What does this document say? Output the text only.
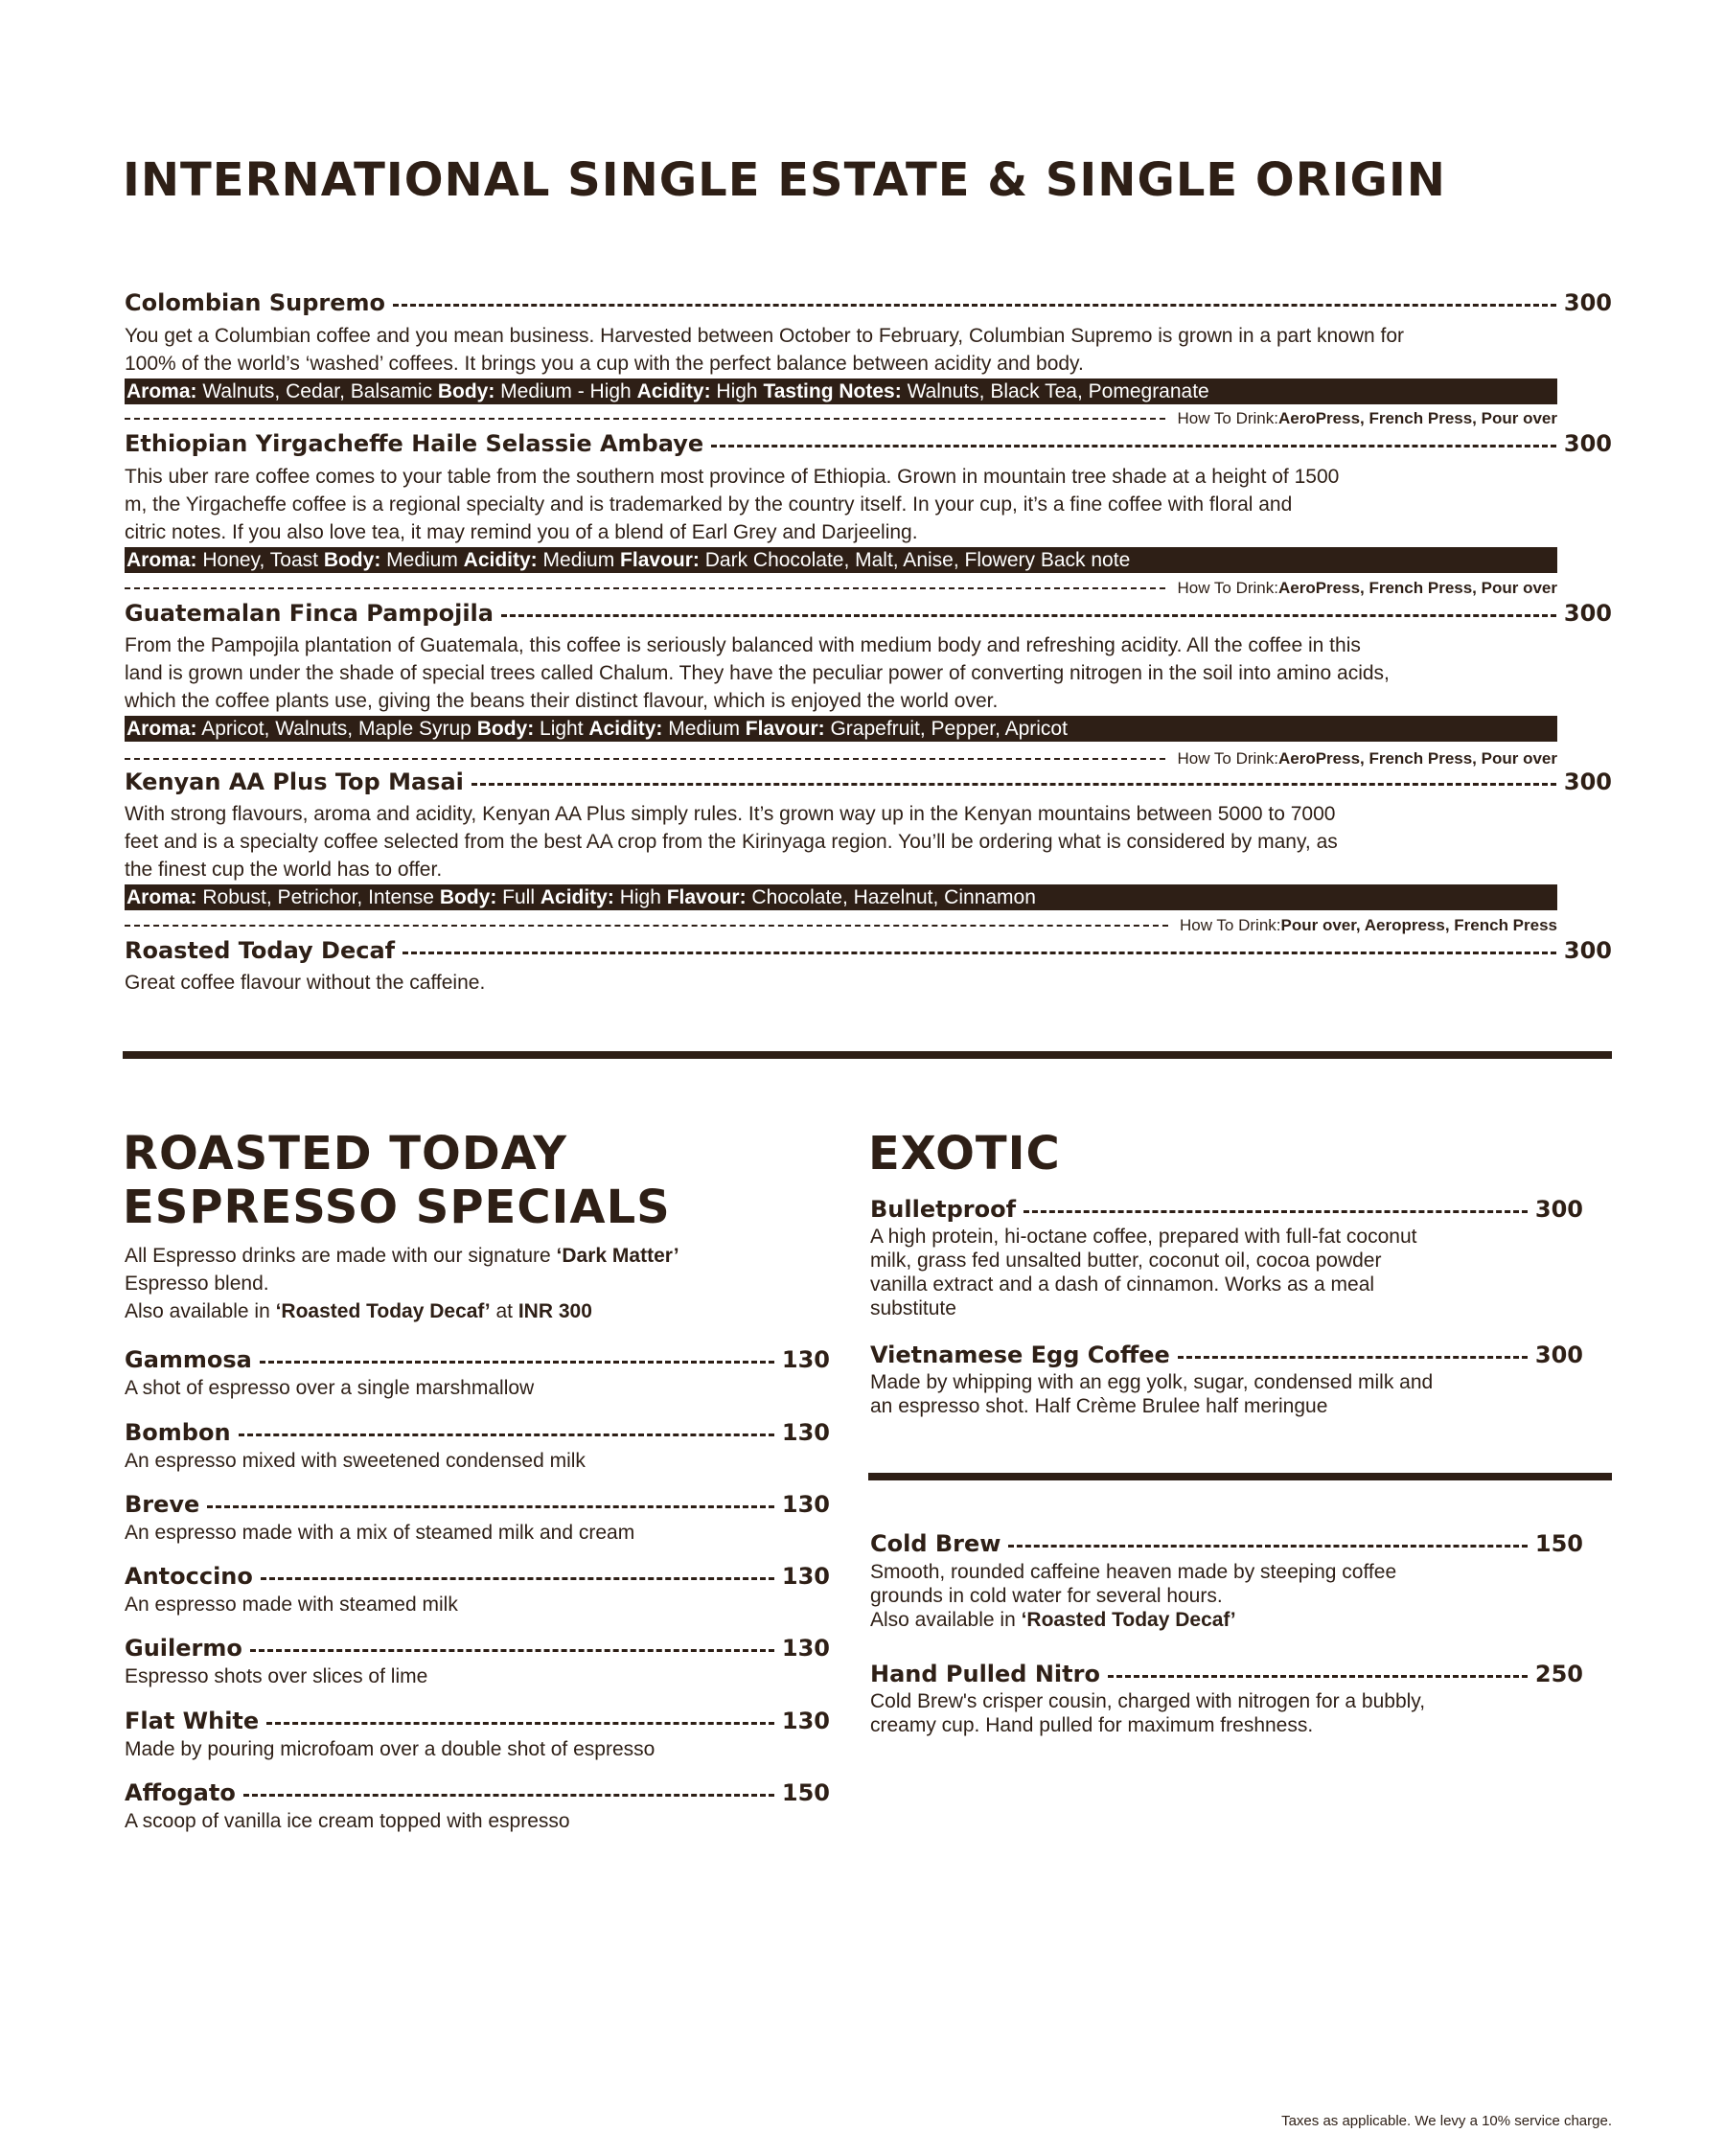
INTERNATIONAL SINGLE ESTATE & SINGLE ORIGIN
Colombian Supremo	300
You get a Columbian coffee and you mean business. Harvested between October to February, Columbian Supremo is grown in a part known for
100% of the world’s ‘washed’ coffees. It brings you a cup with the perfect balance between acidity and body.
Aroma: Walnuts, Cedar, Balsamic Body: Medium - High Acidity: High Tasting Notes: Walnuts, Black Tea, Pomegranate
How To Drink: AeroPress, French Press, Pour over
Ethiopian Yirgacheffe Haile Selassie Ambaye	300
This uber rare coffee comes to your table from the southern most province of Ethiopia. Grown in mountain tree shade at a height of 1500
m, the Yirgacheffe coffee is a regional specialty and is trademarked by the country itself. In your cup, it’s a fine coffee with floral and
citric notes. If you also love tea, it may remind you of a blend of Earl Grey and Darjeeling.
Aroma: Honey, Toast Body: Medium Acidity: Medium Flavour: Dark Chocolate, Malt, Anise, Flowery Back note
How To Drink: AeroPress, French Press, Pour over
Guatemalan Finca Pampojila	300
From the Pampojila plantation of Guatemala, this coffee is seriously balanced with medium body and refreshing acidity. All the coffee in this
land is grown under the shade of special trees called Chalum. They have the peculiar power of converting nitrogen in the soil into amino acids,
which the coffee plants use, giving the beans their distinct flavour, which is enjoyed the world over.
Aroma: Apricot, Walnuts, Maple Syrup Body: Light Acidity: Medium Flavour: Grapefruit, Pepper, Apricot
How To Drink: AeroPress, French Press, Pour over
Kenyan AA Plus Top Masai	300
With strong flavours, aroma and acidity, Kenyan AA Plus simply rules. It’s grown way up in the Kenyan mountains between 5000 to 7000
feet and is a specialty coffee selected from the best AA crop from the Kirinyaga region. You’ll be ordering what is considered by many, as
the finest cup the world has to offer.
Aroma: Robust, Petrichor, Intense Body: Full Acidity: High Flavour: Chocolate, Hazelnut, Cinnamon
How To Drink: Pour over, Aeropress, French Press
Roasted Today Decaf	300
Great coffee flavour without the caffeine.
ROASTED TODAY
ESPRESSO SPECIALS
All Espresso drinks are made with our signature ‘Dark Matter’
Espresso blend.
Also available in ‘Roasted Today Decaf’ at INR 300
Gammosa	130
A shot of espresso over a single marshmallow
Bombon	130
An espresso mixed with sweetened condensed milk
Breve	130
An espresso made with a mix of steamed milk and cream
Antoccino	130
An espresso made with steamed milk
Guilermo	130
Espresso shots over slices of lime
Flat White	130
Made by pouring microfoam over a double shot of espresso
Affogato	150
A scoop of vanilla ice cream topped with espresso
EXOTIC
Bulletproof	300
A high protein, hi-octane coffee, prepared with full-fat coconut
milk, grass fed unsalted butter, coconut oil, cocoa powder
vanilla extract and a dash of cinnamon. Works as a meal
substitute
Vietnamese Egg Coffee	300
Made by whipping with an egg yolk, sugar, condensed milk and
an espresso shot. Half Crème Brulee half meringue
Cold Brew	150
Smooth, rounded caffeine heaven made by steeping coffee
grounds in cold water for several hours.
Also available in ‘Roasted Today Decaf’
Hand Pulled Nitro	250
Cold Brew's crisper cousin, charged with nitrogen for a bubbly,
creamy cup. Hand pulled for maximum freshness.
Taxes as applicable. We levy a 10% service charge.
